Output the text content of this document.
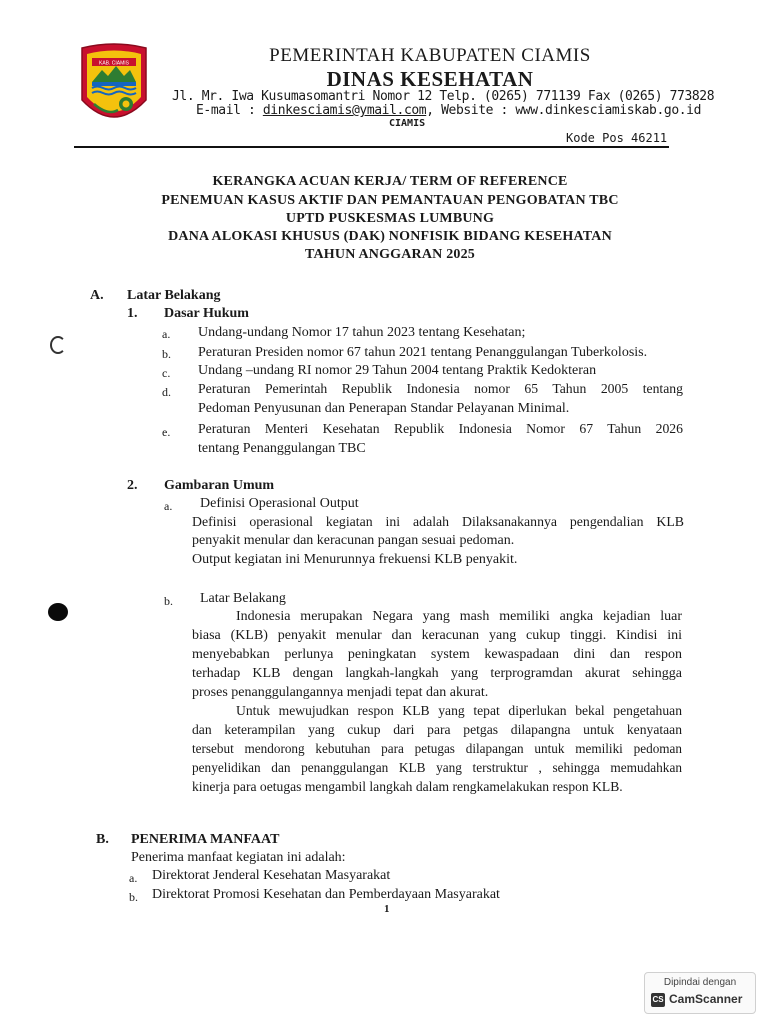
KAB. CIAMIS	PEMERINTAH KABUPATEN CIAMIS
DINAS KESEHATAN
Jl. Mr. Iwa Kusumasomantri Nomor 12 Telp. (0265) 771139 Fax (0265) 773828
E-mail : dinkesciamis@ymail.com, Website : www.dinkesciamiskab.go.id
CIAMIS
Kode Pos 46211
KERANGKA ACUAN KERJA/ TERM OF REFERENCE
PENEMUAN KASUS AKTIF DAN PEMANTAUAN PENGOBATAN TBC
UPTD PUSKESMAS LUMBUNG
DANA ALOKASI KHUSUS (DAK) NONFISIK BIDANG KESEHATAN
TAHUN ANGGARAN 2025
A. Latar Belakang
1. Dasar Hukum
a. Undang-undang Nomor 17 tahun 2023 tentang Kesehatan;
b. Peraturan Presiden nomor 67 tahun 2021 tentang Penanggulangan Tuberkolosis.
c. Undang –undang RI nomor 29 Tahun 2004 tentang Praktik Kedokteran
d. Peraturan Pemerintah Republik Indonesia nomor 65 Tahun 2005 tentang
Pedoman Penyusunan dan Penerapan Standar Pelayanan Minimal.
e. Peraturan Menteri Kesehatan Republik Indonesia Nomor 67 Tahun 2026
tentang Penanggulangan TBC
2. Gambaran Umum
a. Definisi Operasional Output
Definisi operasional kegiatan ini adalah Dilaksanakannya pengendalian KLB
penyakit menular dan keracunan pangan sesuai pedoman.
Output kegiatan ini Menurunnya frekuensi KLB penyakit.
b. Latar Belakang
Indonesia merupakan Negara yang mash memiliki angka kejadian luar
biasa (KLB) penyakit menular dan keracunan yang cukup tinggi. Kindisi ini
menyebabkan perlunya peningkatan system kewaspadaan dini dan respon
terhadap KLB dengan langkah-langkah yang terprogramdan akurat sehingga
proses penanggulangannya menjadi tepat dan akurat.
Untuk mewujudkan respon KLB yang tepat diperlukan bekal pengetahuan
dan keterampilan yang cukup dari para petgas dilapangna untuk kenyataan
tersebut mendorong kebutuhan para petugas dilapangan untuk memiliki pedoman
penyelidikan dan penanggulangan KLB yang terstruktur , sehingga memudahkan
kinerja para oetugas mengambil langkah dalam rengkamelakukan respon KLB.
B. PENERIMA MANFAAT
Penerima manfaat kegiatan ini adalah:
a. Direktorat Jenderal Kesehatan Masyarakat
b. Direktorat Promosi Kesehatan dan Pemberdayaan Masyarakat
1
Dipindai dengan
CS CamScanner
